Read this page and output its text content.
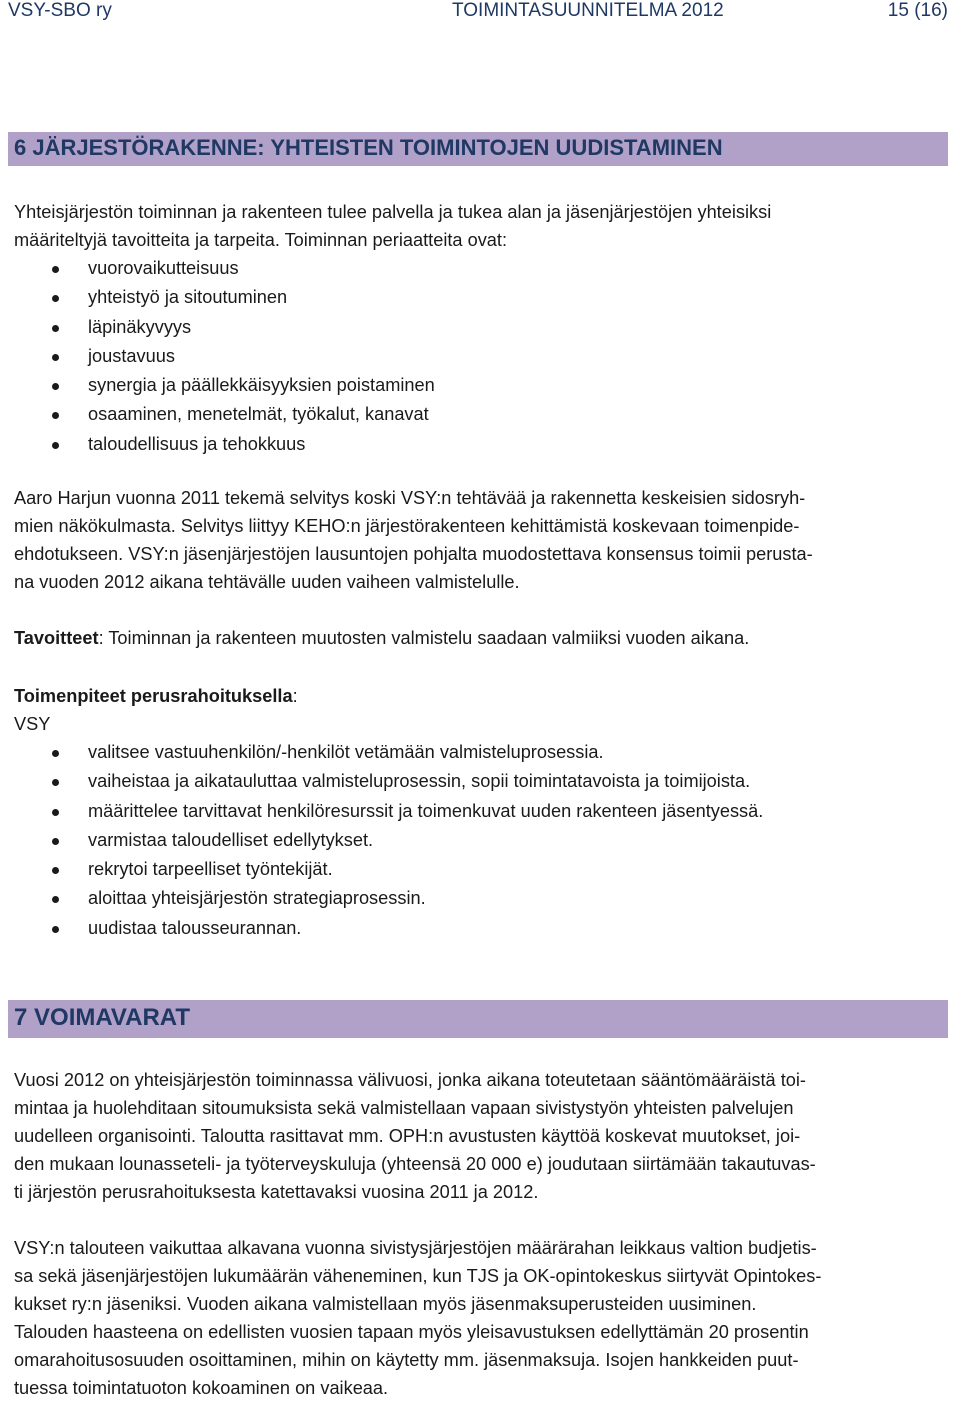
VSY-SBO ry	TOIMINTASUUNNITELMA 2012	15 (16)
6 JÄRJESTÖRAKENNE: YHTEISTEN TOIMINTOJEN UUDISTAMINEN

Yhteisjärjestön toiminnan ja rakenteen tulee palvella ja tukea alan ja jäsenjärjestöjen yhteisiksi
määriteltyjä tavoitteita ja tarpeita. Toiminnan periaatteita ovat:

vuorovaikutteisuus
yhteistyö ja sitoutuminen
läpinäkyvyys
joustavuus
synergia ja päällekkäisyyksien poistaminen
osaaminen, menetelmät, työkalut, kanavat
taloudellisuus ja tehokkuus

Aaro Harjun vuonna 2011 tekemä selvitys koski VSY:n tehtävää ja rakennetta keskeisien sidosryh-
mien näkökulmasta. Selvitys liittyy KEHO:n järjestörakenteen kehittämistä koskevaan toimenpide-
ehdotukseen. VSY:n jäsenjärjestöjen lausuntojen pohjalta muodostettava konsensus toimii perusta-
na vuoden 2012 aikana tehtävälle uuden vaiheen valmistelulle.

Tavoitteet: Toiminnan ja rakenteen muutosten valmistelu saadaan valmiiksi vuoden aikana.

Toimenpiteet perusrahoituksella:
VSY

valitsee vastuuhenkilön/-henkilöt vetämään valmisteluprosessia.
vaiheistaa ja aikatauluttaa valmisteluprosessin, sopii toimintatavoista ja toimijoista.
määrittelee tarvittavat henkilöresurssit ja toimenkuvat uuden rakenteen jäsentyessä.
varmistaa taloudelliset edellytykset.
rekrytoi tarpeelliset työntekijät.
aloittaa yhteisjärjestön strategiaprosessin.
uudistaa talousseurannan.
7 VOIMAVARAT

Vuosi 2012 on yhteisjärjestön toiminnassa välivuosi, jonka aikana toteutetaan sääntömääräistä toi-
mintaa ja huolehditaan sitoumuksista sekä valmistellaan vapaan sivistystyön yhteisten palvelujen
uudelleen organisointi. Taloutta rasittavat mm. OPH:n avustusten käyttöä koskevat muutokset, joi-
den mukaan lounasseteli- ja työterveyskuluja (yhteensä 20 000 e) joudutaan siirtämään takautuvas-
ti järjestön perusrahoituksesta katettavaksi vuosina 2011 ja 2012.

VSY:n talouteen vaikuttaa alkavana vuonna sivistysjärjestöjen määrärahan leikkaus valtion budjetis-
sa sekä jäsenjärjestöjen lukumäärän väheneminen, kun TJS ja OK-opintokeskus siirtyvät Opintokes-
kukset ry:n jäseniksi. Vuoden aikana valmistellaan myös jäsenmaksuperusteiden uusiminen.
Talouden haasteena on edellisten vuosien tapaan myös yleisavustuksen edellyttämän 20 prosentin
omarahoitusosuuden osoittaminen, mihin on käytetty mm. jäsenmaksuja. Isojen hankkeiden puut-
tuessa toimintatuoton kokoaminen on vaikeaa.
